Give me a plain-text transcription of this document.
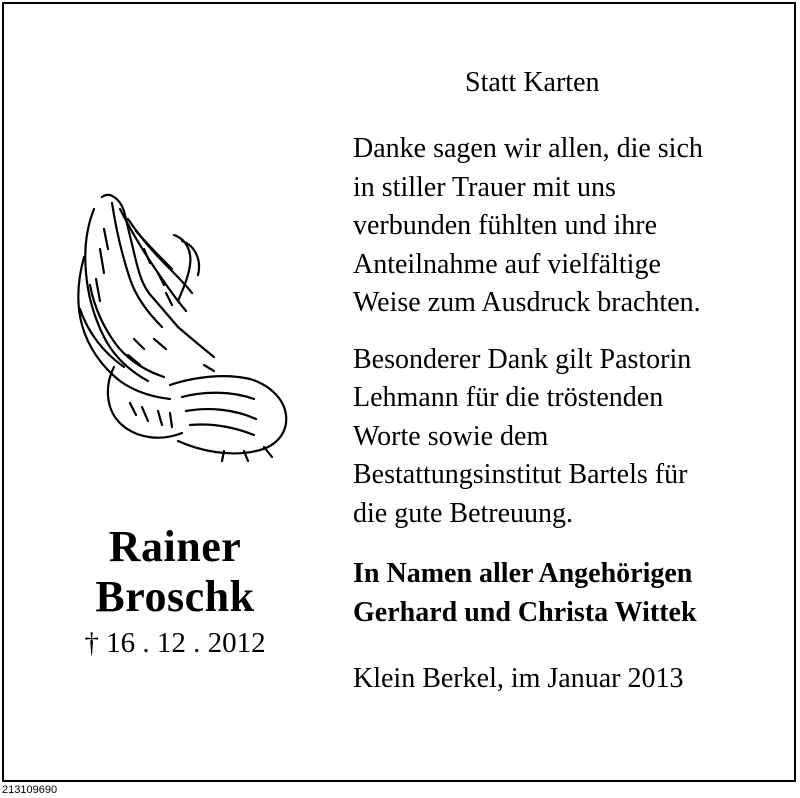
Rainer
Broschk
† 16 . 12 . 2012
Statt Karten
Danke sagen wir allen, die sich
in stiller Trauer mit uns
verbunden fühlten und ihre
Anteilnahme auf vielfältige
Weise zum Ausdruck brachten.
Besonderer Dank gilt Pastorin
Lehmann für die tröstenden
Worte sowie dem
Bestattungsinstitut Bartels für
die gute Betreuung.
In Namen aller Angehörigen
Gerhard und Christa Wittek
Klein Berkel, im Januar 2013
213109690
